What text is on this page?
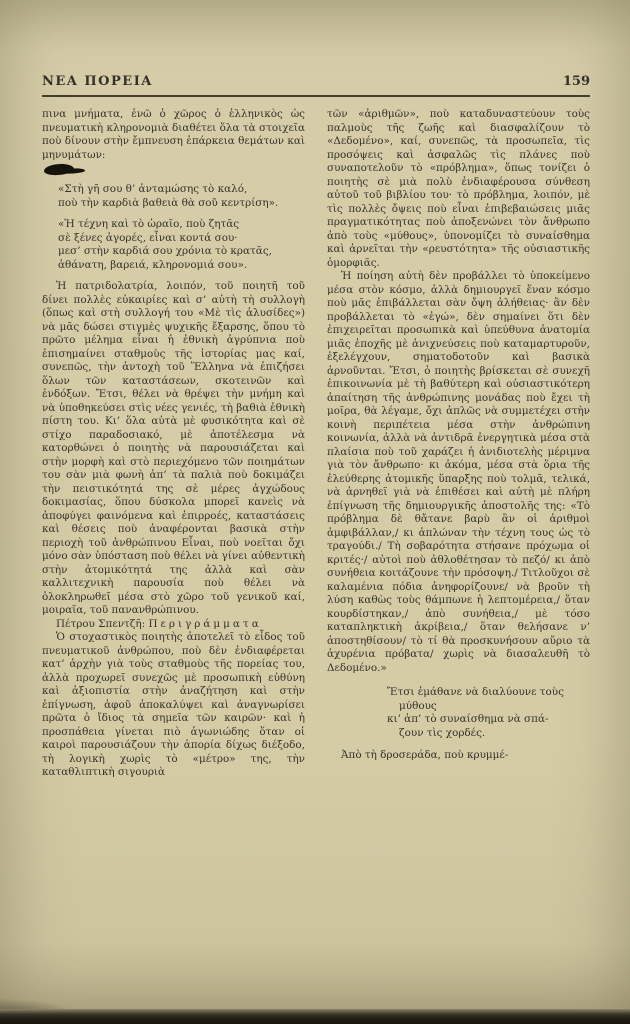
ΝΕΑ ΠΟΡΕΙΑ	159

πινα μνήματα, ἐνῶ ὁ χῶρος ὁ ἑλληνικὸς ὡς πνευματικὴ κληρονομιὰ διαθέτει ὅλα τὰ στοιχεῖα ποὺ δίνουν στὴν ἔμπνευση ἐπάρκεια θεμάτων καὶ μηνυμάτων:

«Στὴ γῆ σου θ’ ἀνταμώσης τὸ καλό,
ποὺ τὴν καρδιὰ βαθειὰ θὰ σοῦ κεντρίση».
«Ἡ τέχνη καὶ τὸ ὡραῖο, ποὺ ζητᾶς
σὲ ξένες ἀγορές, εἶναι κοντά σου·
μεσ’ στὴν καρδιά σου χρόνια τὸ κρατᾶς,
ἀθάνατη, βαρειά, κληρονομιά σου».

Ἡ πατριδολατρία, λοιπόν, τοῦ ποιητῆ τοῦ δίνει πολλὲς εὐκαιρίες καὶ σ’ αὐτὴ τὴ συλλογὴ (ὅπως καὶ στὴ συλλογή του «Μὲ τὶς ἁλυσίδες») νὰ μᾶς δώσει στιγμὲς ψυχικῆς ἔξαρσης, ὅπου τὸ πρῶτο μέλημα εἶναι ἡ ἐθνικὴ ἀγρύπνια ποὺ ἐπισημαίνει σταθμοὺς τῆς ἱστορίας μας καί, συνεπῶς, τὴν ἀντοχὴ τοῦ Ἕλληνα νὰ ἐπιζήσει ὅλων τῶν καταστάσεων, σκοτεινῶν καὶ ἐνδόξων. Ἔτσι, θέλει νὰ θρέψει τὴν μνήμη καὶ νὰ ὑποθηκεύσει στὶς νέες γενιές, τὴ βαθιὰ ἐθνικὴ πίστη του. Κι’ ὅλα αὐτὰ μὲ φυσικότητα καὶ σὲ στίχο παραδοσιακό, μὲ ἀποτέλεσμα νὰ κατορθώνει ὁ ποιητὴς νὰ παρουσιάζεται καὶ στὴν μορφὴ καὶ στὸ περιεχόμενο τῶν ποιημάτων του σὰν μιὰ φωνὴ ἀπ’ τὰ παλιὰ ποὺ δοκιμάζει τὴν πειστικότητά της σὲ μέρες ἀγχώδους δοκιμασίας, ὅπου δύσκολα μπορεῖ κανεὶς νὰ ἀποφύγει φαινόμενα καὶ ἐπιρροές, καταστάσεις καὶ θέσεις ποὺ ἀναφέρονται βασικὰ στὴν περιοχὴ τοῦ ἀνθρώπινου Εἶναι, ποὺ νοεῖται ὄχι μόνο σὰν ὑπόσταση ποὺ θέλει νὰ γίνει αὐθεντικὴ στὴν ἀτομικότητά της ἀλλὰ καὶ σὰν καλλιτεχνικὴ παρουσία ποὺ θέλει νὰ ὁλοκληρωθεῖ μέσα στὸ χῶρο τοῦ γενικοῦ καί, μοιραῖα, τοῦ πανανθρώπινου.

Πέτρου Σπεντζῆ: Περιγράμματα

Ὁ στοχαστικὸς ποιητὴς ἀποτελεῖ τὸ εἶδος τοῦ πνευματικοῦ ἀνθρώπου, ποὺ δὲν ἐνδιαφέρεται κατ’ ἀρχὴν γιὰ τοὺς σταθμοὺς τῆς πορείας του, ἀλλὰ προχωρεῖ συνεχῶς μὲ προσωπικὴ εὐθύνη καὶ ἀξιοπιστία στὴν ἀναζήτηση καὶ στὴν ἐπίγνωση, ἀφοῦ ἀποκαλύψει καὶ ἀναγνωρίσει πρῶτα ὁ ἴδιος τὰ σημεῖα τῶν καιρῶν· καὶ ἡ προσπάθεια γίνεται πιὸ ἀγωνιώδης ὅταν οἱ καιροὶ παρουσιάζουν τὴν ἀπορία δίχως διέξοδο, τὴ λογικὴ χωρὶς τὸ «μέτρο» της, τὴν καταθλιπτικὴ σιγουριὰ

τῶν «ἀριθμῶν», ποὺ καταδυναστεύουν τοὺς παλμοὺς τῆς ζωῆς καὶ διασφαλίζουν τὸ «Δεδομένο», καί, συνεπῶς, τὰ προσωπεῖα, τὶς προσόψεις καὶ ἀσφαλῶς τὶς πλάνες ποὺ συναποτελοῦν τὸ «πρόβλημα», ὅπως τονίζει ὁ ποιητὴς σὲ μιὰ πολὺ ἐνδιαφέρουσα σύνθεση αὐτοῦ τοῦ βιβλίου του· τὸ πρόβλημα, λοιπόν, μὲ τὶς πολλὲς ὄψεις ποὺ εἶναι ἐπιβεβαιώσεις μιᾶς πραγματικότητας ποὺ ἀποξενώνει τὸν ἄνθρωπο ἀπὸ τοὺς «μύθους», ὑπονομίζει τὸ συναίσθημα καὶ ἀρνεῖται τὴν «ρευστότητα» τῆς οὐσιαστικῆς ὀμορφιᾶς.

Ἡ ποίηση αὐτὴ δὲν προβάλλει τὸ ὑποκείμενο μέσα στὸν κόσμο, ἀλλὰ δημιουργεῖ ἕναν κόσμο ποὺ μᾶς ἐπιβάλλεται σὰν ὄψη ἀλήθειας· ἂν δὲν προβάλλεται τὸ «ἐγώ», δὲν σημαίνει ὅτι δὲν ἐπιχειρεῖται προσωπικὰ καὶ ὑπεύθυνα ἀνατομία μιᾶς ἐποχῆς μὲ ἀνιχνεύσεις ποὺ καταμαρτυροῦν, ἐξελέγχουν, σηματοδοτοῦν καὶ βασικὰ ἀρνοῦνται. Ἔτσι, ὁ ποιητὴς βρίσκεται σὲ συνεχῆ ἐπικοινωνία μὲ τὴ βαθύτερη καὶ οὐσιαστικότερη ἀπαίτηση τῆς ἀνθρώπινης μονάδας ποὺ ἔχει τὴ μοῖρα, θὰ λέγαμε, ὄχι ἁπλῶς νὰ συμμετέχει στὴν κοινὴ περιπέτεια μέσα στὴν ἀνθρώπινη κοινωνία, ἀλλὰ νὰ ἀντιδρᾶ ἐνεργητικὰ μέσα στὰ πλαίσια ποὺ τοῦ χαράζει ἡ ἀνιδιοτελὴς μέριμνα γιὰ τὸν ἄνθρωπο· κι ἀκόμα, μέσα στὰ ὅρια τῆς ἐλεύθερης ἀτομικῆς ὕπαρξης ποὺ τολμᾶ, τελικά, νὰ ἀρνηθεῖ γιὰ νὰ ἐπιθέσει καὶ αὐτὴ μὲ πλήρη ἐπίγνωση τῆς δημιουργικῆς ἀποστολῆς της: «Τὸ πρόβλημα δὲ θἄτανε βαρὺ ἂν οἱ ἀριθμοὶ ἀμφιβάλλαν,/ κι ἁπλώναν τὴν τέχνη τους ὡς τὸ τραγούδι./ Τὴ σοβαρότητα στήσανε πρόχωμα οἱ κριτές·/ αὐτοὶ ποὺ ἀθλοθέτησαν τὸ πεζό/ κι ἀπὸ συνήθεια κοιτάζουνε τὴν πρόσοψη./ Τιτλοῦχοι σὲ καλαμένια πόδια ἀνηφορίζουνε/ νὰ βροῦν τὴ λύση καθὼς τοὺς θάμπωνε ἡ λεπτομέρεια,/ ὅταν κουρδίστηκαν,/ ἀπὸ συνήθεια,/ μὲ τόσο καταπληκτικὴ ἀκρίβεια,/ ὅταν θελήσανε ν’ ἀποστηθίσουν/ τὸ τί θὰ προσκυνήσουν αὔριο τὰ ἀχυρένια πρόβατα/ χωρὶς νὰ διασαλευθῆ τὸ Δεδομένο.»

Ἔτσι ἐμάθανε νὰ διαλύουνε τοὺς
μύθους
κι’ ἀπ’ τὸ συναίσθημα νὰ σπά-
ζουν τὶς χορδές.

Ἀπὸ τὴ δροσεράδα, ποὺ κρυμμέ-
